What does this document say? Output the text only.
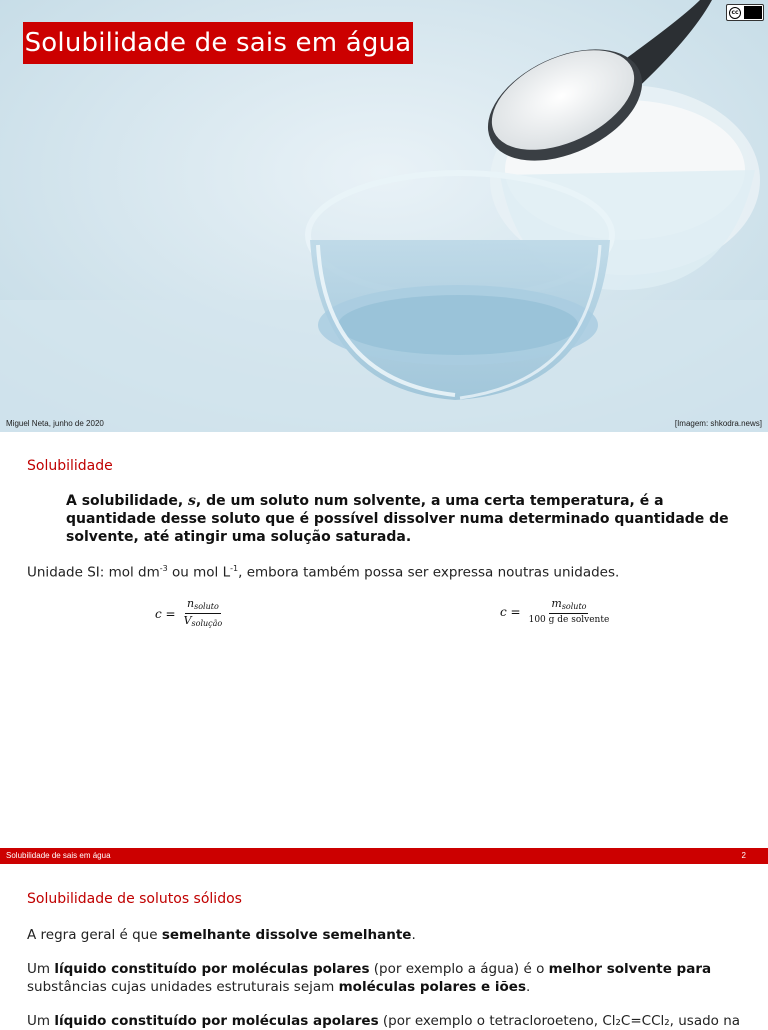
Solubilidade de sais em água
cc
Miguel Neta, junho de 2020	[Imagem: shkodra.news]
Solubilidade
A solubilidade, s, de um soluto num solvente, a uma certa temperatura, é a quantidade desse soluto que é possível dissolver numa determinado quantidade de solvente, até atingir uma solução saturada.
Unidade SI: mol $dm^{-3}$ ou mol $L^{-1}$, embora também possa ser expressa noutras unidades.
$c = \frac{n_{soluto}}{V_{solução}}$	$c = \frac{m_{soluto}}{\text{100 g de solvente}}$
Solubilidade de sais em água	2
Solubilidade de solutos sólidos
A regra geral é que semelhante dissolve semelhante.
Um líquido constituído por moléculas polares (por exemplo a água) é o melhor solvente para
substâncias cujas unidades estruturais sejam moléculas polares e iões.
Um líquido constituído por moléculas apolares (por exemplo o tetracloroeteno, Cl₂C=CCl₂, usado na
